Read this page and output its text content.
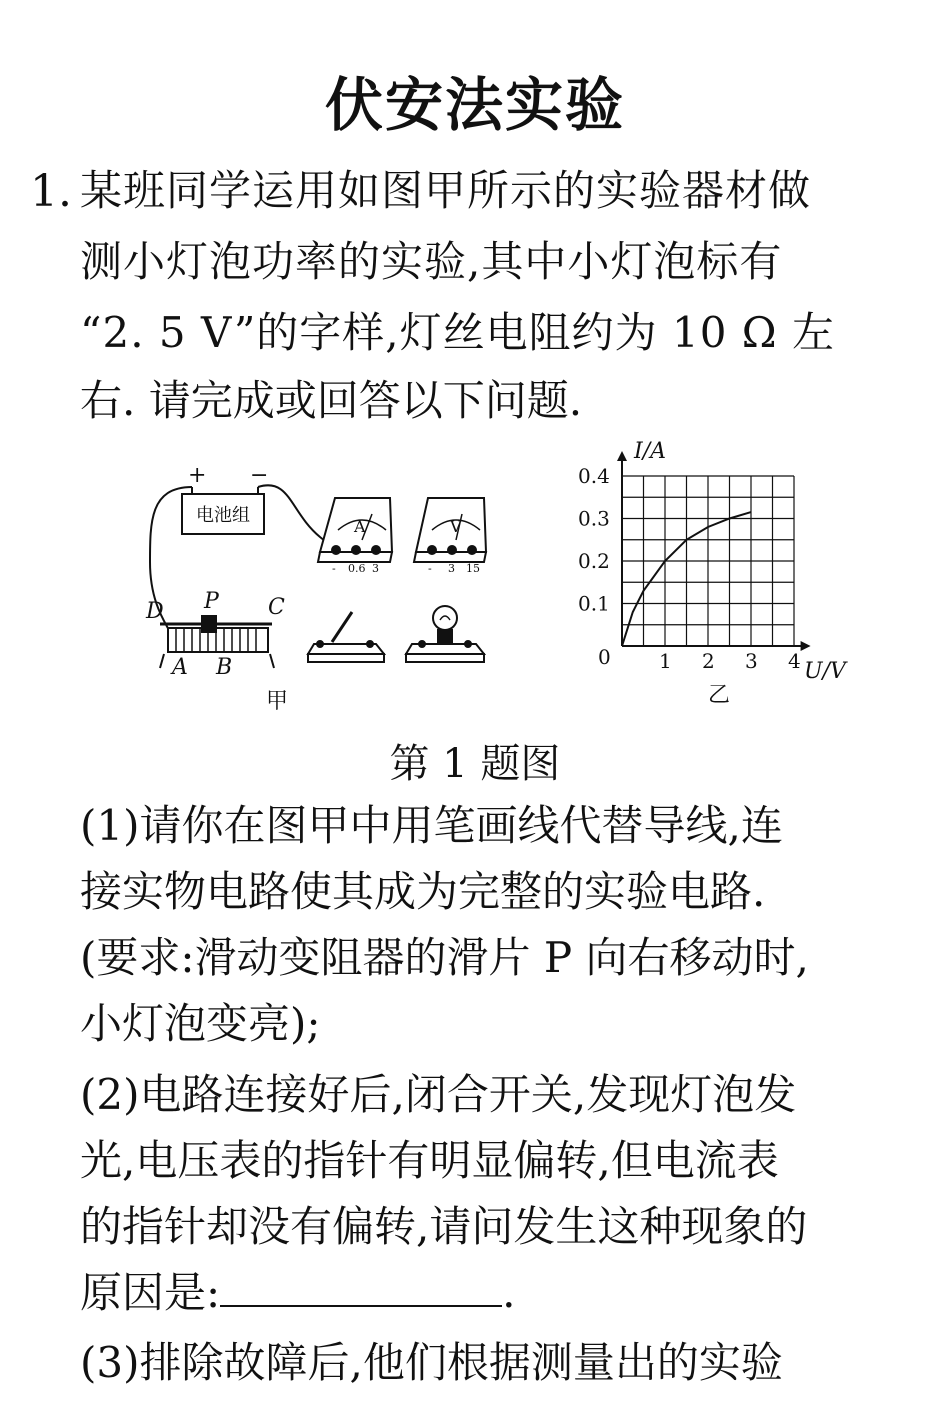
伏安法实验
1. 某班同学运用如图甲所示的实验器材做
测小灯泡功率的实验,其中小灯泡标有
“2. 5 V”的字样,灯丝电阻约为 10 Ω 左
右. 请完成或回答以下问题.
电池组
+ −
D P C
A B
甲
A
- 0.6 3
V
- 3 15
1 2 3 4
0.1
0.2
0.3
0.4
I/A
U/V
0
乙
第 1 题图
(1)请你在图甲中用笔画线代替导线,连
接实物电路使其成为完整的实验电路.
(要求:滑动变阻器的滑片 P 向右移动时,
小灯泡变亮);
(2)电路连接好后,闭合开关,发现灯泡发
光,电压表的指针有明显偏转,但电流表
的指针却没有偏转,请问发生这种现象的
原因是:	.
(3)排除故障后,他们根据测量出的实验
